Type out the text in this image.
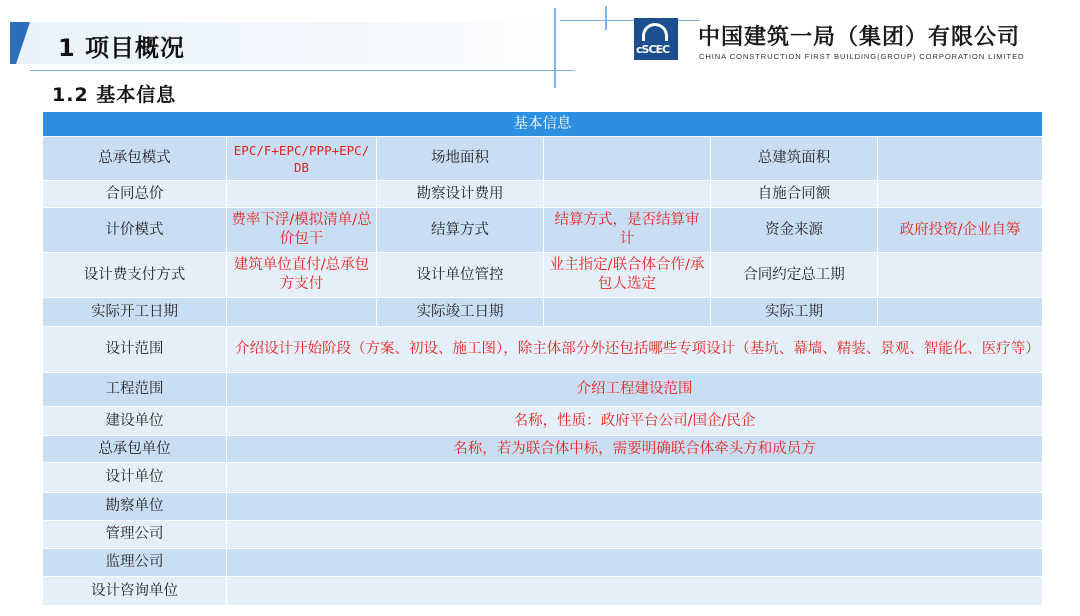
1 项目概况	cSCEC 中国建筑一局（集团）有限公司
CHINA CONSTRUCTION FIRST BUILDING(GROUP) CORPORATION LIMITED
1.2 基本信息
基本信息					
总承包模式	EPC/F+EPC/PPP+EPC/DB	场地面积		总建筑面积	
合同总价		勘察设计费用		自施合同额	
计价模式	费率下浮/模拟清单/总价包干	结算方式	结算方式，是否结算审计	资金来源	政府投资/企业自筹
设计费支付方式	建筑单位直付/总承包方支付	设计单位管控	业主指定/联合体合作/承包人选定	合同约定总工期	
实际开工日期		实际竣工日期		实际工期	
设计范围	介绍设计开始阶段（方案、初设、施工图），除主体部分外还包括哪些专项设计（基坑、幕墙、精装、景观、智能化、医疗等）				
工程范围	介绍工程建设范围				
建设单位	名称，性质：政府平台公司/国企/民企				
总承包单位	名称，若为联合体中标，需要明确联合体牵头方和成员方				
设计单位					
勘察单位					
管理公司					
监理公司					
设计咨询单位					
